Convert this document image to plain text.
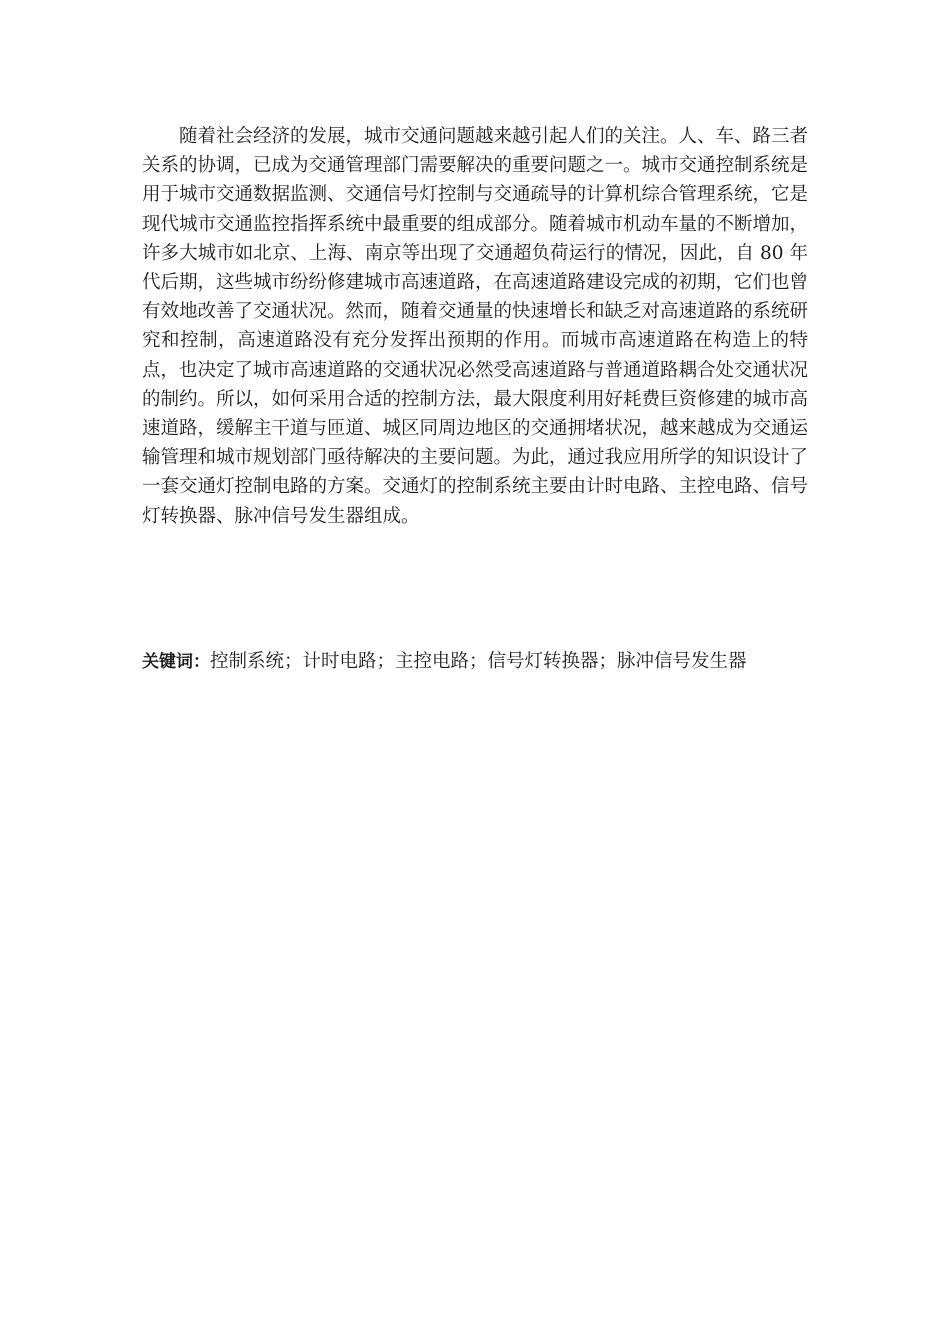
随着社会经济的发展，城市交通问题越来越引起人们的关注。人、车、路三者关系的协调，已成为交通管理部门需要解决的重要问题之一。城市交通控制系统是用于城市交通数据监测、交通信号灯控制与交通疏导的计算机综合管理系统，它是现代城市交通监控指挥系统中最重要的组成部分。随着城市机动车量的不断增加，许多大城市如北京、上海、南京等出现了交通超负荷运行的情况，因此，自 80 年代后期，这些城市纷纷修建城市高速道路，在高速道路建设完成的初期，它们也曾有效地改善了交通状况。然而，随着交通量的快速增长和缺乏对高速道路的系统研究和控制，高速道路没有充分发挥出预期的作用。而城市高速道路在构造上的特点，也决定了城市高速道路的交通状况必然受高速道路与普通道路耦合处交通状况的制约。所以，如何采用合适的控制方法，最大限度利用好耗费巨资修建的城市高速道路，缓解主干道与匝道、城区同周边地区的交通拥堵状况，越来越成为交通运输管理和城市规划部门亟待解决的主要问题。为此，通过我应用所学的知识设计了一套交通灯控制电路的方案。交通灯的控制系统主要由计时电路、主控电路、信号灯转换器、脉冲信号发生器组成。

关键词：控制系统；计时电路；主控电路；信号灯转换器；脉冲信号发生器
